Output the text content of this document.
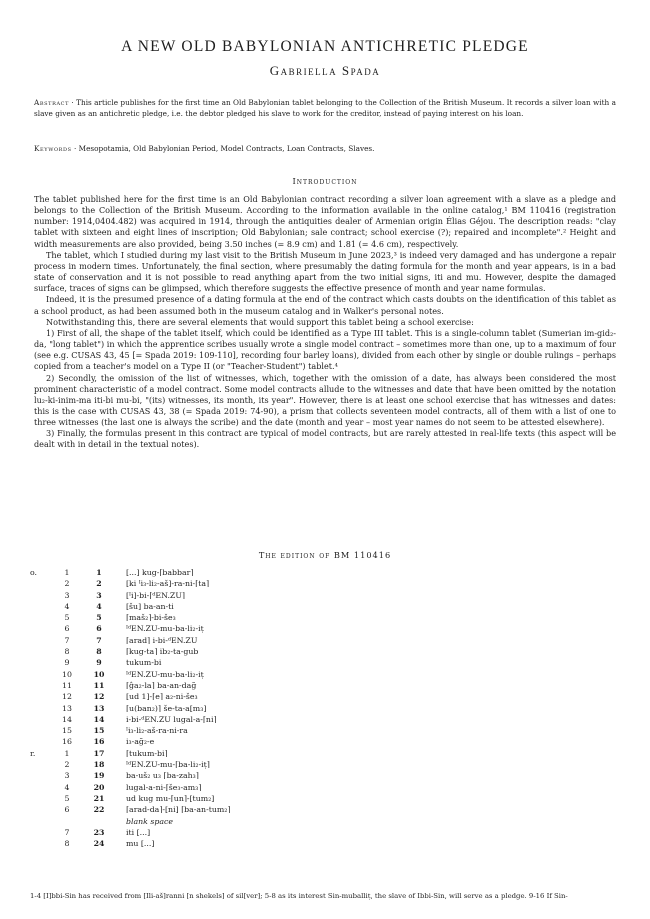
A NEW OLD BABYLONIAN ANTICHRETIC PLEDGE
Gabriella Spada
Abstract · This article publishes for the first time an Old Babylonian tablet belonging to the Collection of the British Museum. It records a silver loan with a slave given as an antichretic pledge, i.e. the debtor pledged his slave to work for the creditor, instead of paying interest on his loan.
Keywords · Mesopotamia, Old Babylonian Period, Model Contracts, Loan Contracts, Slaves.
Introduction

The tablet published here for the first time is an Old Babylonian contract recording a silver loan agreement with a slave as a pledge and belongs to the Collection of the British Museum. According to the information available in the online catalog,¹ BM 110416 (registration number: 1914,0404.482) was acquired in 1914, through the antiquities dealer of Armenian origin Élias Géjou. The description reads: "clay tablet with sixteen and eight lines of inscription; Old Babylonian; sale contract; school exercise (?); repaired and incomplete".² Height and width measurements are also provided, being 3.50 inches (= 8.9 cm) and 1.81 (= 4.6 cm), respectively.

The tablet, which I studied during my last visit to the British Museum in June 2023,³ is indeed very damaged and has undergone a repair process in modern times. Unfortunately, the final section, where presumably the dating formula for the month and year appears, is in a bad state of conservation and it is not possible to read anything apart from the two initial signs, iti and mu. However, despite the damaged surface, traces of signs can be glimpsed, which therefore suggests the effective presence of month and year name formulas.

Indeed, it is the presumed presence of a dating formula at the end of the contract which casts doubts on the identification of this tablet as a school product, as had been assumed both in the museum catalog and in Walker's personal notes.

Notwithstanding this, there are several elements that would support this tablet being a school exercise:

1) First of all, the shape of the tablet itself, which could be identified as a Type III tablet. This is a single-column tablet (Sumerian im-gid₂-da, "long tablet") in which the apprentice scribes usually wrote a single model contract – sometimes more than one, up to a maximum of four (see e.g. CUSAS 43, 45 [= Spada 2019: 109-110], recording four barley loans), divided from each other by single or double rulings – perhaps copied from a teacher's model on a Type II (or "Teacher-Student") tablet.⁴

2) Secondly, the omission of the list of witnesses, which, together with the omission of a date, has always been considered the most prominent characteristic of a model contract. Some model contracts allude to the witnesses and date that have been omitted by the notation lu₂-ki-inim-ma iti-bi mu-bi, "(its) witnesses, its month, its year". However, there is at least one school exercise that has witnesses and dates: this is the case with CUSAS 43, 38 (= Spada 2019: 74-90), a prism that collects seventeen model contracts, all of them with a list of one to three witnesses (the last one is always the scribe) and the date (month and year – most year names do not seem to be attested elsewhere).

3) Finally, the formulas present in this contract are typical of model contracts, but are rarely attested in real-life texts (this aspect will be dealt with in detail in the textual notes).

The edition of BM 110416
o.	1	1	[...] kug-⌈babbar⌉
2	2	[ki ᴵi₃-li₂-aš]-ra-ni-⌈ta⌉
3	3	[ᴵi]-bi-⌈ᵈEN.ZU⌉
4	4	[šu] ba-an-ti
5	5	⌈maš₂⌉-bi-še₃
6	6	ᴵᵈEN.ZU-mu-ba-li₂-iṭ
7	7	⌈arad⌉ i-bi-ᵈEN.ZU
8	8	⌈kug-ta⌉ ib₂-ta-gub
9	9	tukum-bi
10	10	ᴵᵈEN.ZU-mu-ba-li₂-iṭ
11	11	⌈ĝa₂-la⌉ ba-an-dag̃
12	12	[ud 1]-⌈e⌉ a₂-ni-še₃
13	13	⌈u(ban₂)⌉ še-ta-a[m₃]
14	14	i-bi-ᵈEN.ZU lugal-a-⌈ni⌉
15	15	ᴵi₃-li₂-aš-ra-ni-ra
16	16	i₃-ag̃₂-e
r.	1	17	⌈tukum-bi⌉
2	18	ᴵᵈEN.ZU-mu-⌈ba-li₂-iṭ⌉
3	19	ba-uš₂ u₃ ⌈ba-zah₃⌉
4	20	lugal-a-ni-⌈še₃-am₃⌉
5	21	ud kug mu-⌈un⌉-[tum₂]
6	22	⌈arad-da⌉-[ni] ⌈ba-an-tum₂⌉
blank space
7	23	iti [...]
8	24	mu [...]
1-4 [I]bbi-Sin has received from [Ili-aš]ranni [n shekels] of sil[ver]; 5-8 as its interest Sin-muballiṭ, the slave of Ibbi-Sin, will serve as a pledge. 9-16 If Sin-
